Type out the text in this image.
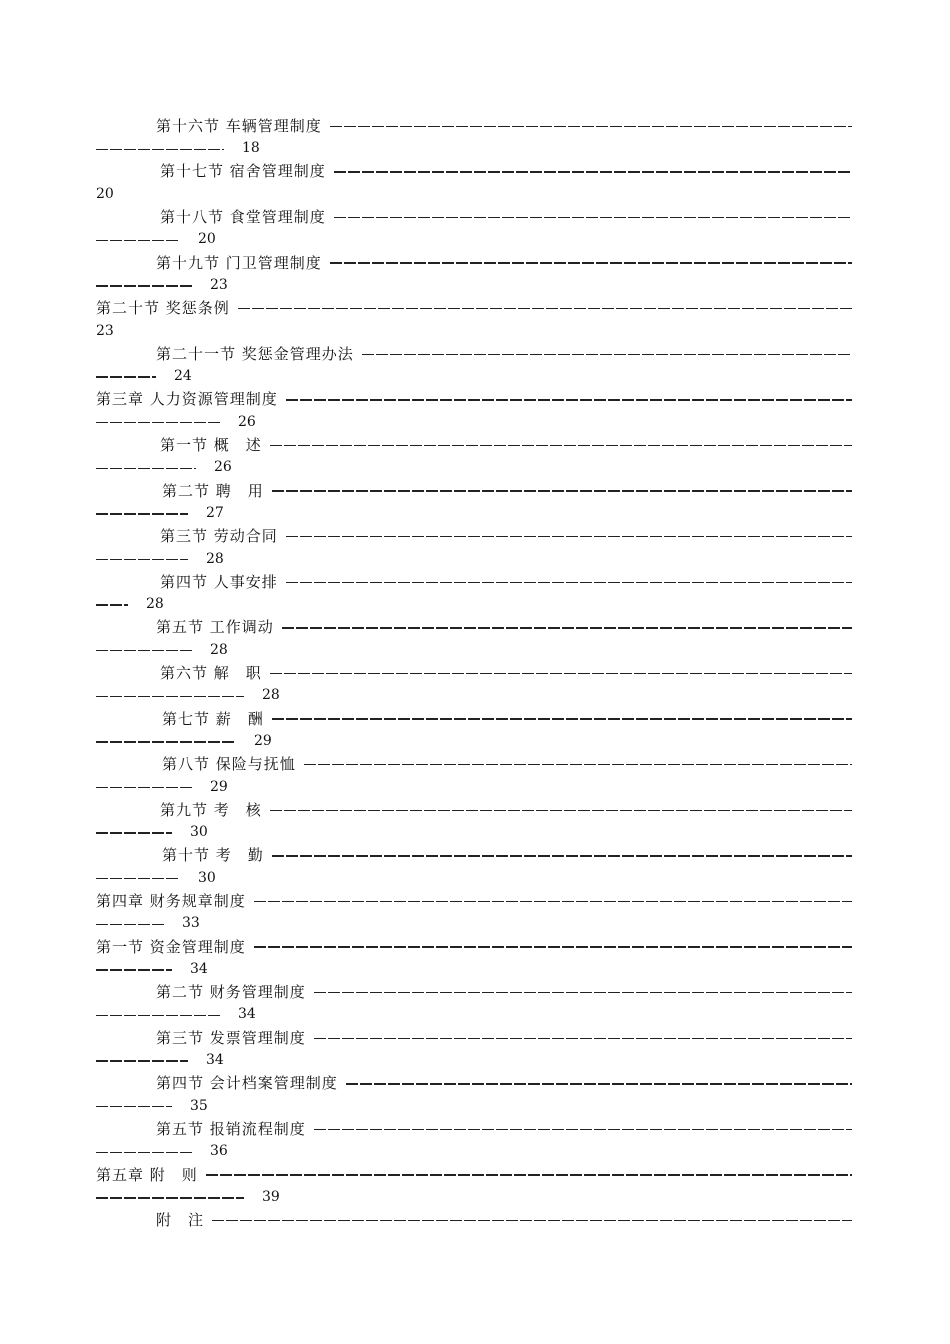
第十六节 车辆管理制度
18
第十七节 宿舍管理制度
20
第十八节 食堂管理制度
20
第十九节 门卫管理制度
23
第二十节 奖惩条例
23
第二十一节 奖惩金管理办法
24
第三章 人力资源管理制度
26
第一节 概　述
26
第二节 聘　用
27
第三节 劳动合同
28
第四节 人事安排
28
第五节 工作调动
28
第六节 解　职
28
第七节 薪　酬
29
第八节 保险与抚恤
29
第九节 考　核
30
第十节 考　勤
30
第四章 财务规章制度
33
第一节 资金管理制度
34
第二节 财务管理制度
34
第三节 发票管理制度
34
第四节 会计档案管理制度
35
第五节 报销流程制度
36
第五章 附　则
39
附　注
